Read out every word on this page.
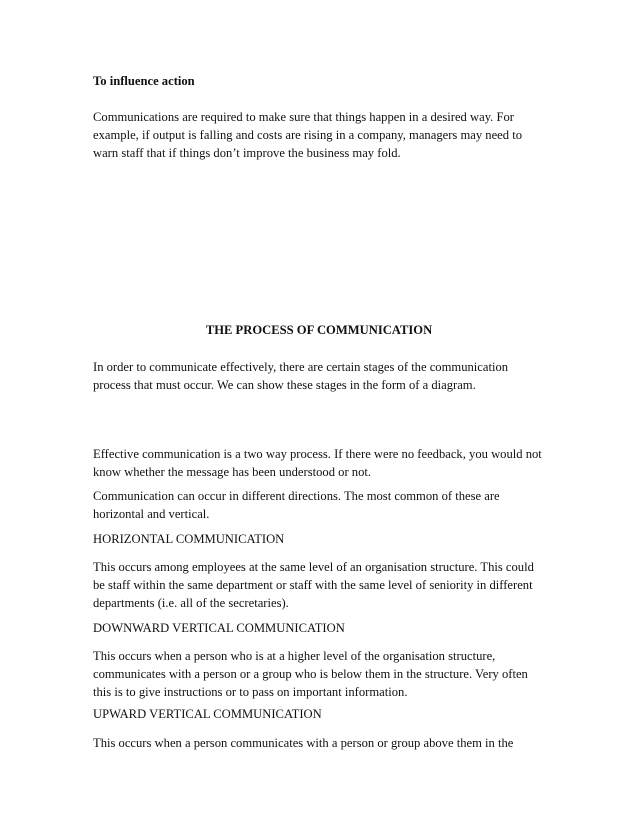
To influence action

Communications are required to make sure that things happen in a desired way. For
example, if output is falling and costs are rising in a company, managers may need to
warn staff that if things don’t improve the business may fold.

THE PROCESS OF COMMUNICATION

In order to communicate effectively, there are certain stages of the communication
process that must occur. We can show these stages in the form of a diagram.
Effective communication is a two way process. If there were no feedback, you would not
know whether the message has been understood or not.
Communication can occur in different directions. The most common of these are
horizontal and vertical.

HORIZONTAL COMMUNICATION

This occurs among employees at the same level of an organisation structure. This could
be staff within the same department or staff with the same level of seniority in different
departments (i.e. all of the secretaries).

DOWNWARD VERTICAL COMMUNICATION

This occurs when a person who is at a higher level of the organisation structure,
communicates with a person or a group who is below them in the structure. Very often
this is to give instructions or to pass on important information.

UPWARD VERTICAL COMMUNICATION

This occurs when a person communicates with a person or group above them in the
